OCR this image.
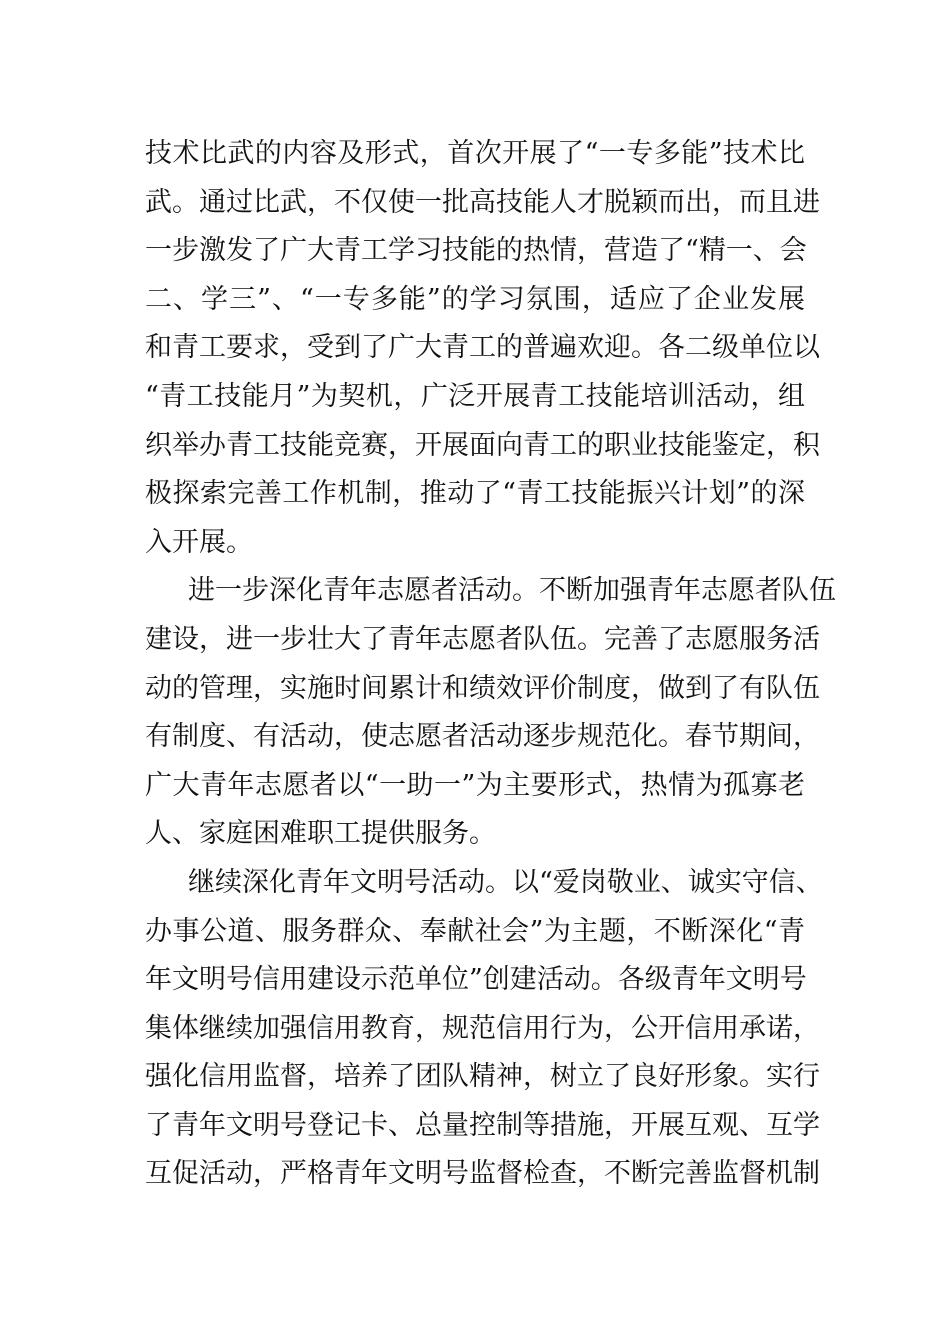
技术比武的内容及形式，首次开展了“一专多能”技术比
武。通过比武，不仅使一批高技能人才脱颖而出，而且进
一步激发了广大青工学习技能的热情，营造了“精一、会
二、学三”、“一专多能”的学习氛围，适应了企业发展
和青工要求，受到了广大青工的普遍欢迎。各二级单位以
“青工技能月”为契机，广泛开展青工技能培训活动，组
织举办青工技能竞赛，开展面向青工的职业技能鉴定，积
极探索完善工作机制，推动了“青工技能振兴计划”的深
入开展。
进一步深化青年志愿者活动。不断加强青年志愿者队伍
建设，进一步壮大了青年志愿者队伍。完善了志愿服务活
动的管理，实施时间累计和绩效评价制度，做到了有队伍
有制度、有活动，使志愿者活动逐步规范化。春节期间，
广大青年志愿者以“一助一”为主要形式，热情为孤寡老
人、家庭困难职工提供服务。
继续深化青年文明号活动。以“爱岗敬业、诚实守信、
办事公道、服务群众、奉献社会”为主题，不断深化“青
年文明号信用建设示范单位”创建活动。各级青年文明号
集体继续加强信用教育，规范信用行为，公开信用承诺，
强化信用监督，培养了团队精神，树立了良好形象。实行
了青年文明号登记卡、总量控制等措施，开展互观、互学
互促活动，严格青年文明号监督检查，不断完善监督机制
